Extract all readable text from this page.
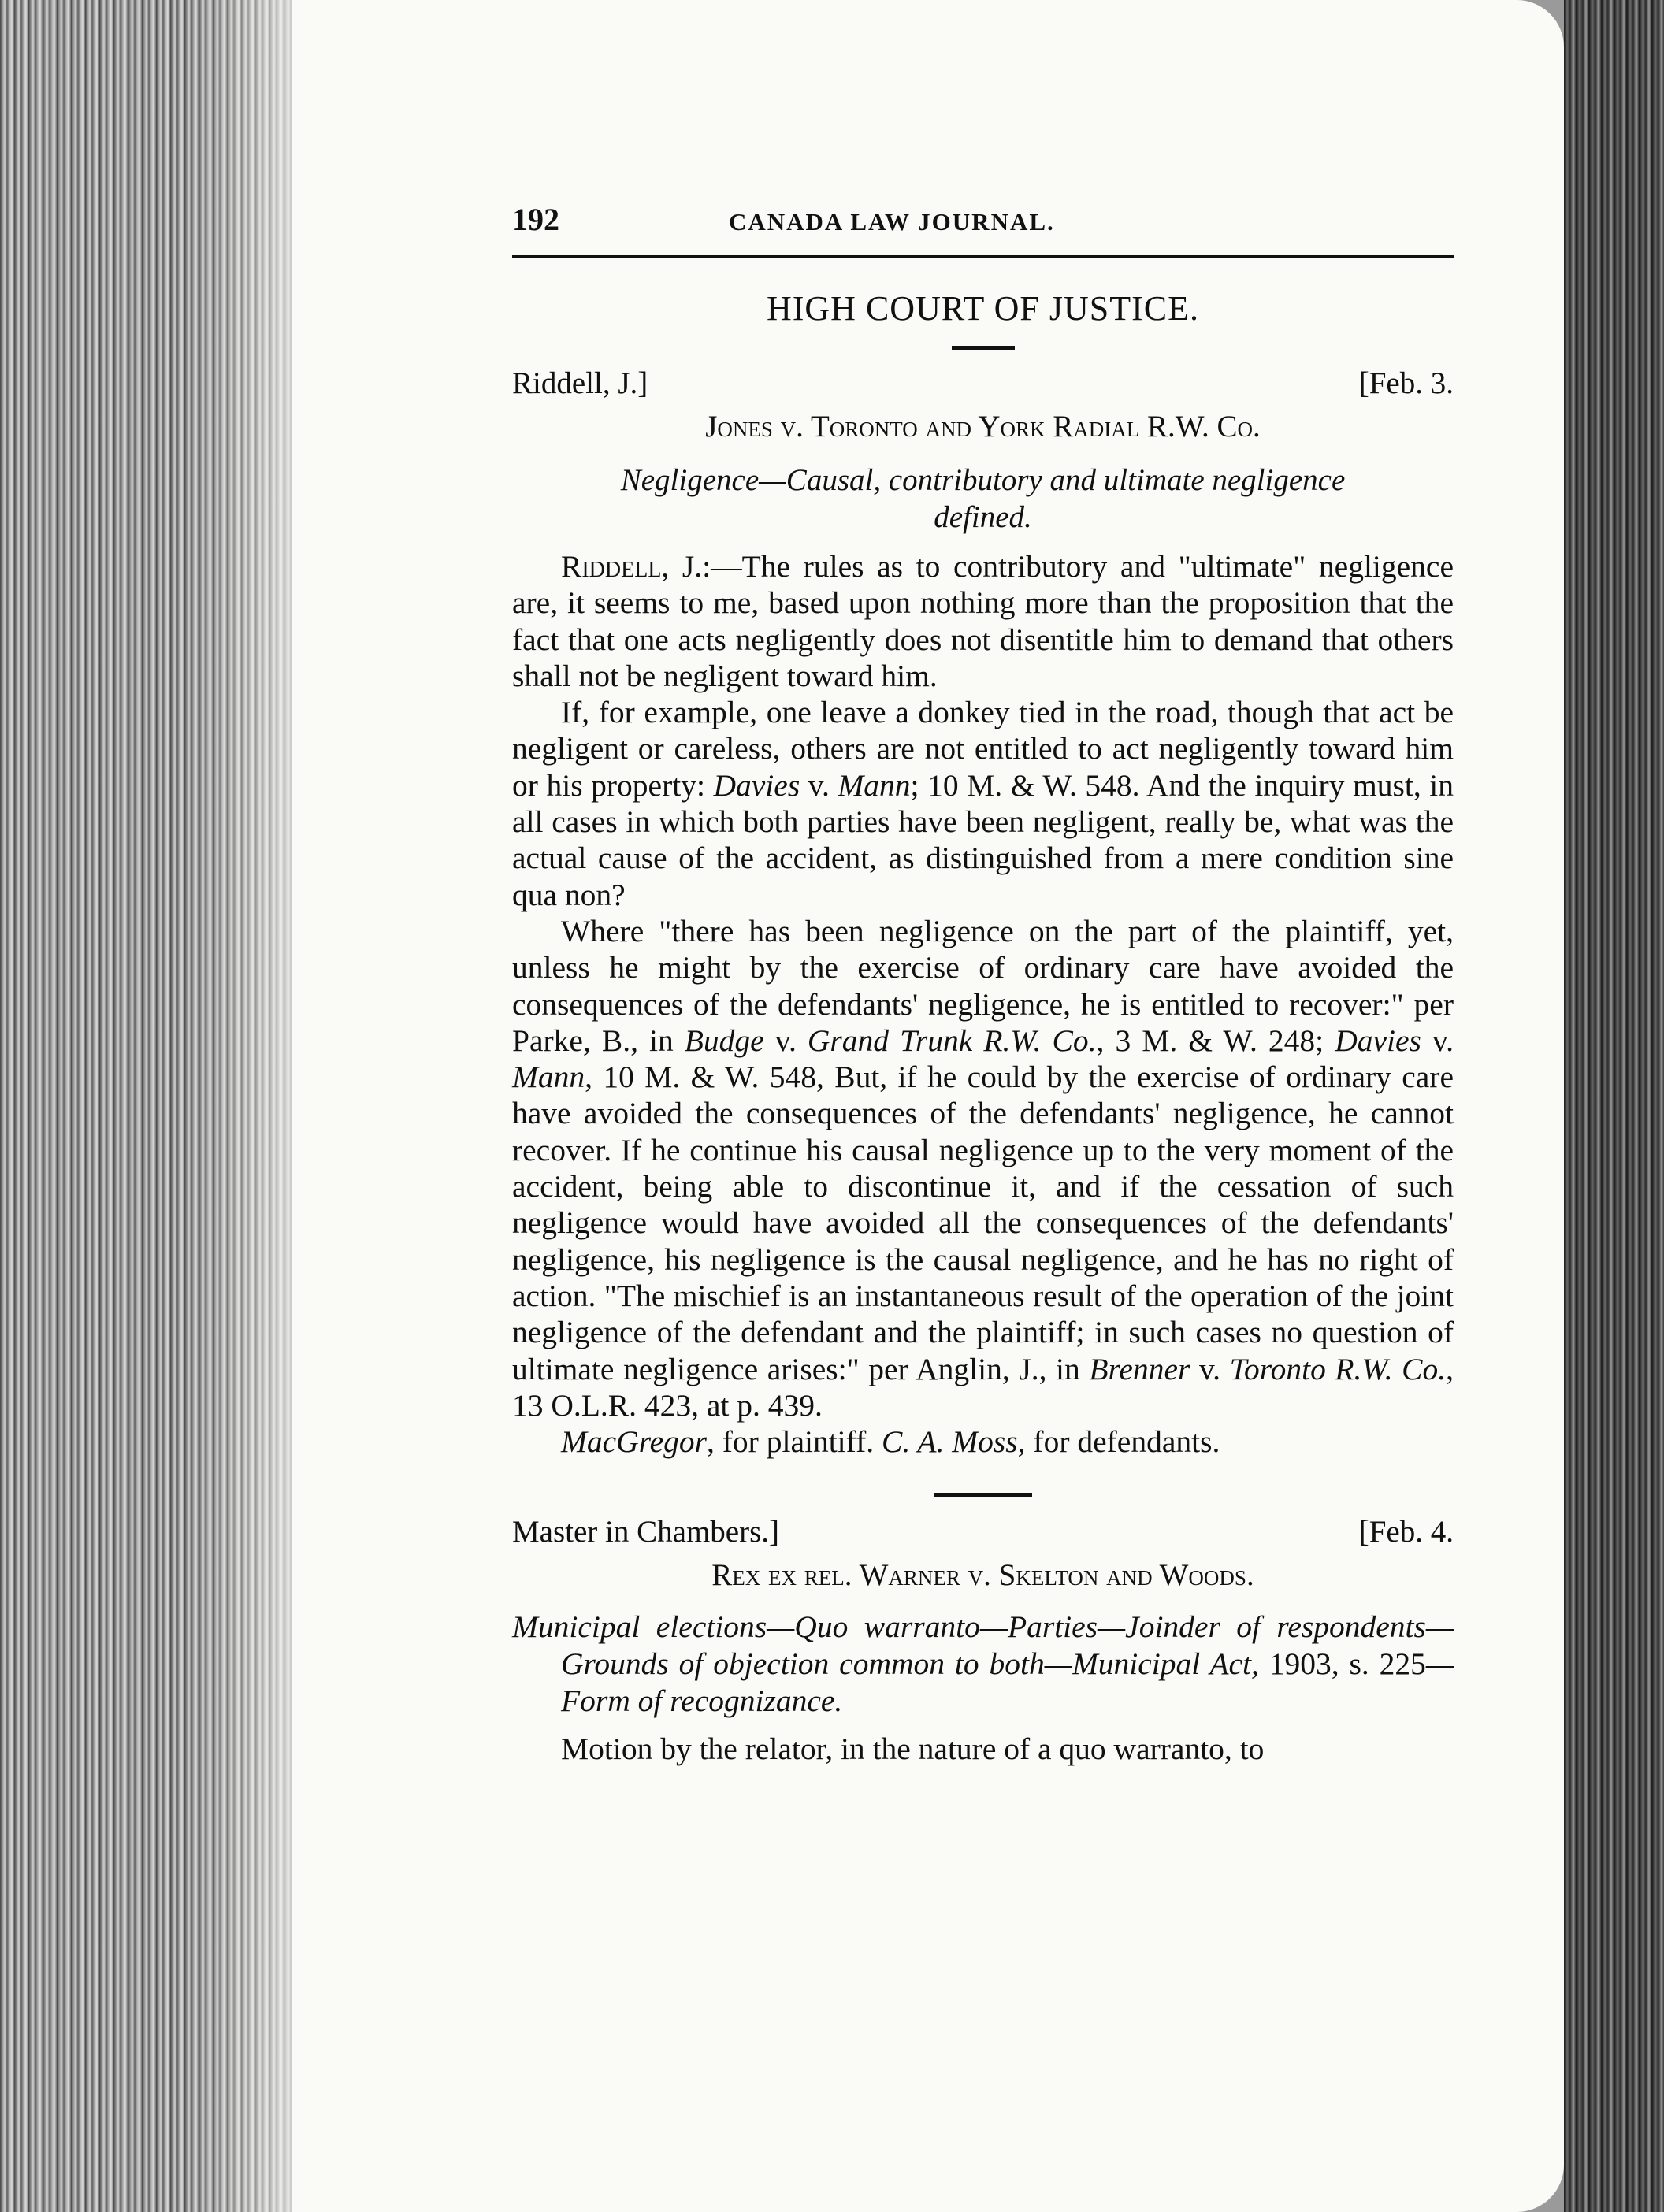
192	CANADA LAW JOURNAL.
HIGH COURT OF JUSTICE.
Riddell, J.]	[Feb. 3.
Jones v. Toronto and York Radial R.W. Co.
Negligence—Causal, contributory and ultimate negligence
defined.

Riddell, J.:—The rules as to contributory and "ultimate" negligence are, it seems to me, based upon nothing more than the proposition that the fact that one acts negligently does not disentitle him to demand that others shall not be negligent toward him.

If, for example, one leave a donkey tied in the road, though that act be negligent or careless, others are not entitled to act negligently toward him or his property: Davies v. Mann; 10 M. & W. 548. And the inquiry must, in all cases in which both parties have been negligent, really be, what was the actual cause of the accident, as distinguished from a mere condition sine qua non?

Where "there has been negligence on the part of the plaintiff, yet, unless he might by the exercise of ordinary care have avoided the consequences of the defendants' negligence, he is entitled to recover:" per Parke, B., in Budge v. Grand Trunk R.W. Co., 3 M. & W. 248; Davies v. Mann, 10 M. & W. 548, But, if he could by the exercise of ordinary care have avoided the consequences of the defendants' negligence, he cannot recover. If he continue his causal negligence up to the very moment of the accident, being able to discontinue it, and if the cessation of such negligence would have avoided all the consequences of the defendants' negligence, his negligence is the causal negligence, and he has no right of action. "The mischief is an instantaneous result of the operation of the joint negligence of the defendant and the plaintiff; in such cases no question of ultimate negligence arises:" per Anglin, J., in Brenner v. Toronto R.W. Co., 13 O.L.R. 423, at p. 439.

MacGregor, for plaintiff. C. A. Moss, for defendants.

Master in Chambers.]	[Feb. 4.
Rex ex rel. Warner v. Skelton and Woods.
Municipal elections—Quo warranto—Parties—Joinder of respondents—Grounds of objection common to both—Municipal Act, 1903, s. 225—Form of recognizance.

Motion by the relator, in the nature of a quo warranto, to
